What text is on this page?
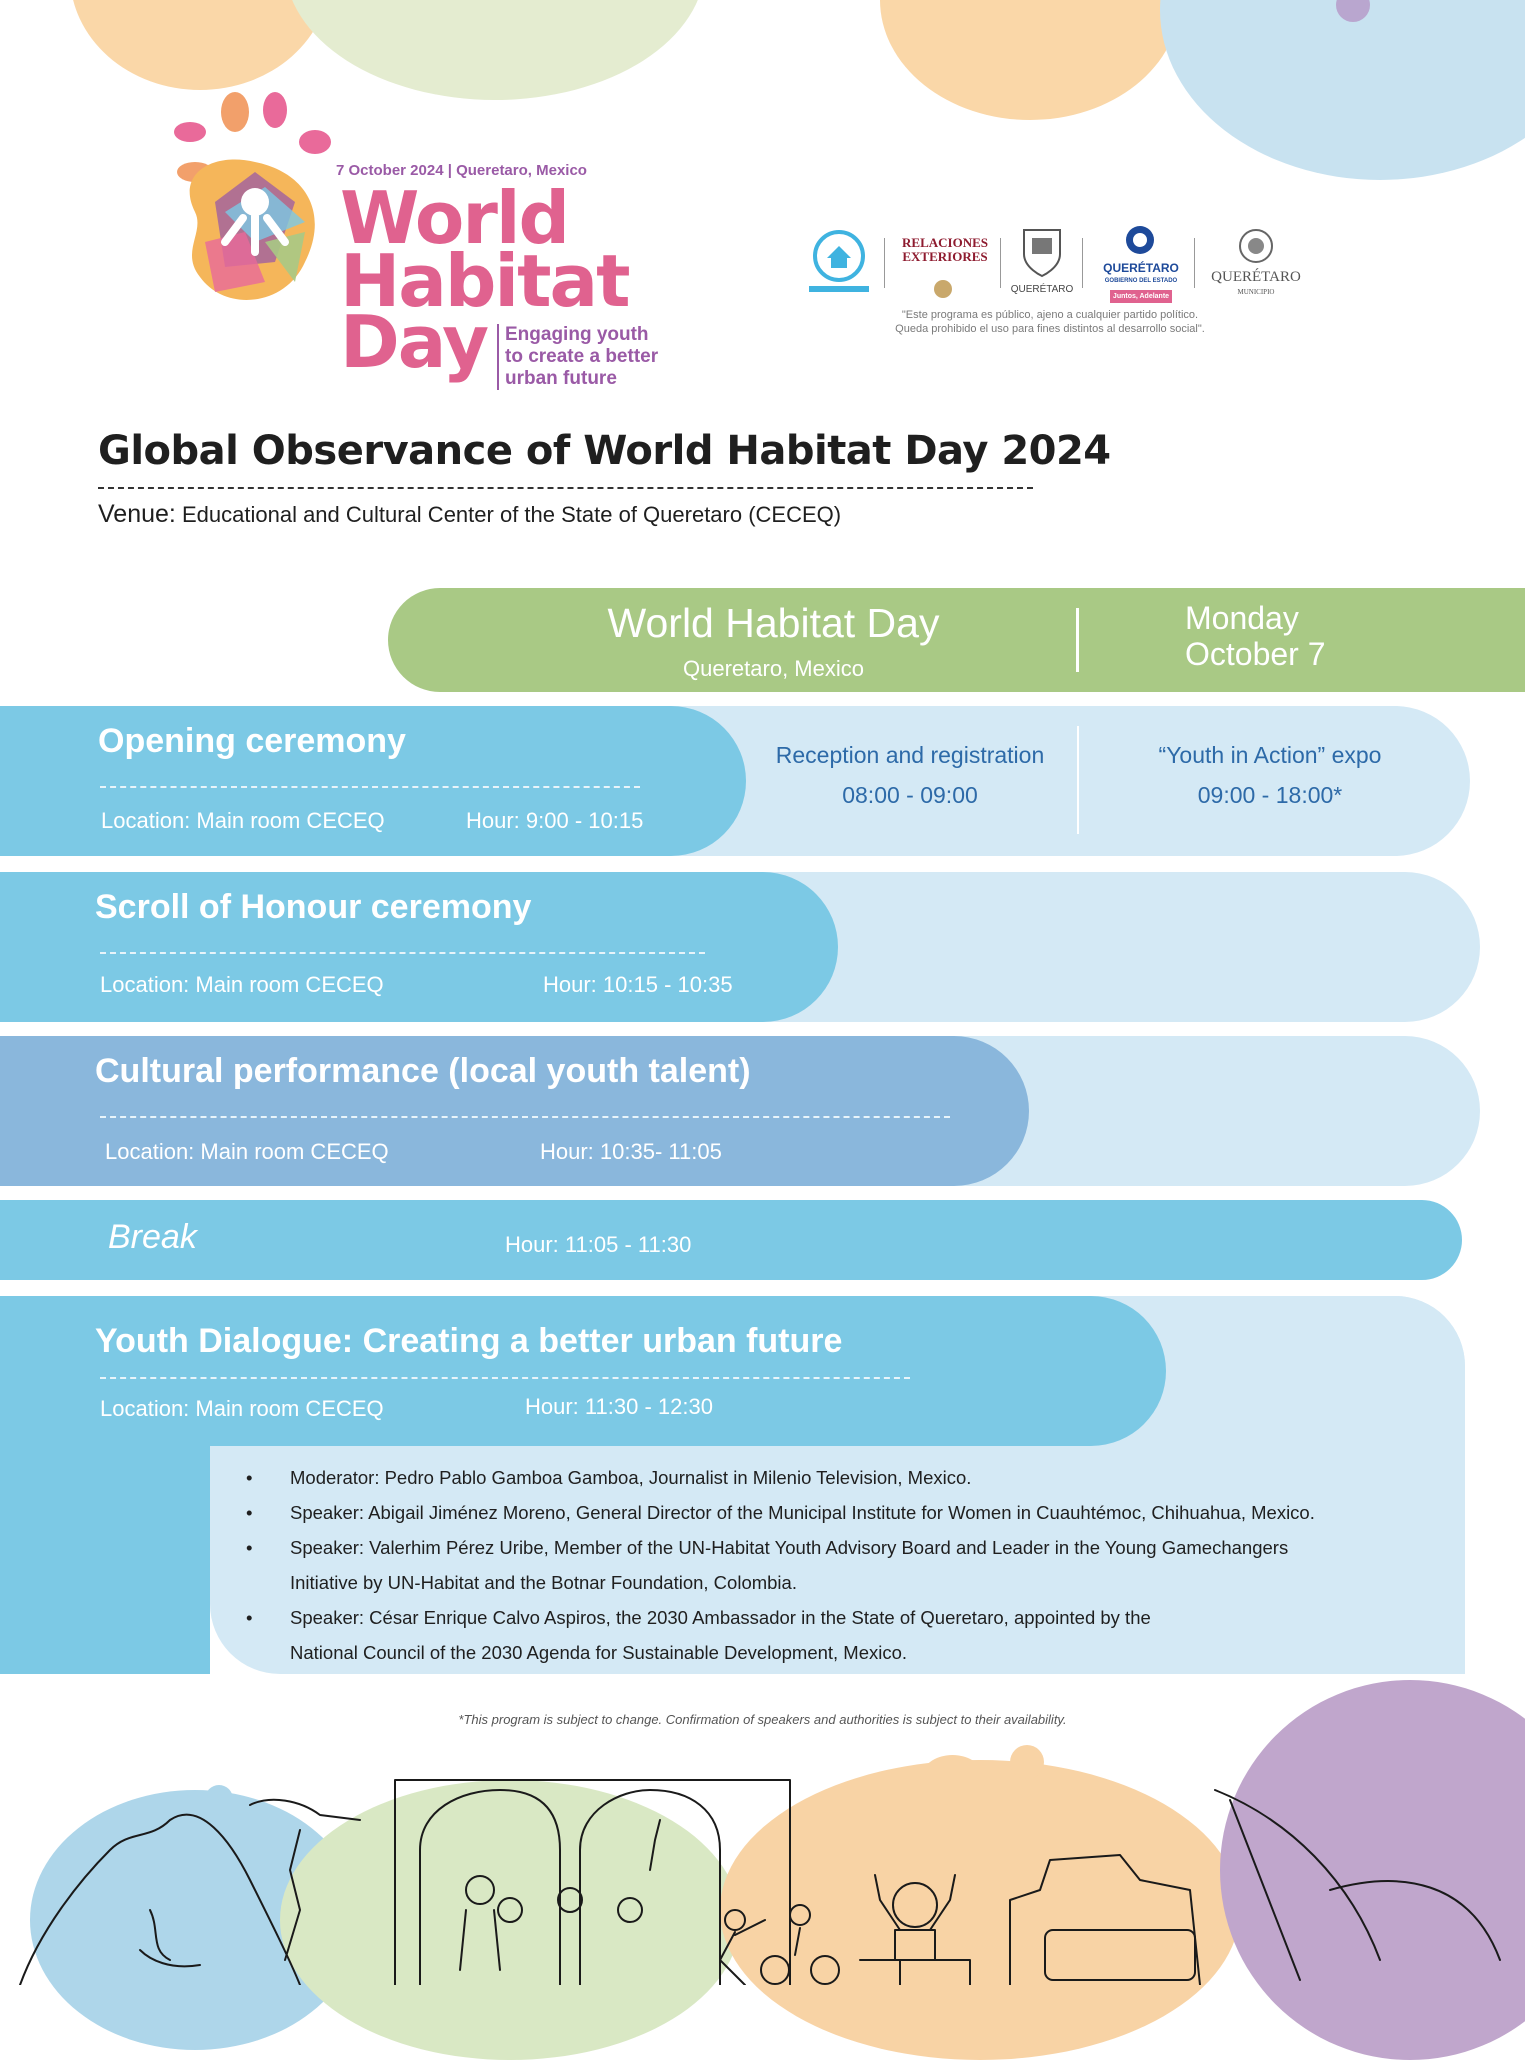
7 October 2024 | Queretaro, Mexico
World
Habitat
Day Engaging youth
to create a better
urban future
RELACIONES EXTERIORES
QUERÉTARO
QUERÉTARO
GOBIERNO DEL ESTADO
Juntos, Adelante
QUERÉTARO
MUNICIPIO
"Este programa es público, ajeno a cualquier partido político.
Queda prohibido el uso para fines distintos al desarrollo social".
Global Observance of World Habitat Day 2024
Venue: Educational and Cultural Center of the State of Queretaro (CECEQ)
World Habitat Day
Queretaro, Mexico
Monday
October 7
Opening ceremony
Location: Main room CECEQ	Hour: 9:00 - 10:15
Reception and registration
08:00 - 09:00
“Youth in Action” expo
09:00 - 18:00*
Scroll of Honour ceremony
Location: Main room CECEQ	Hour: 10:15 - 10:35
Cultural performance (local youth talent)
Location: Main room CECEQ	Hour: 10:35- 11:05
Break	Hour: 11:05 - 11:30
Youth Dialogue: Creating a better urban future
Location: Main room CECEQ	Hour: 11:30 - 12:30
• Moderator: Pedro Pablo Gamboa Gamboa, Journalist in Milenio Television, Mexico.
• Speaker: Abigail Jiménez Moreno, General Director of the Municipal Institute for Women in Cuauhtémoc, Chihuahua, Mexico.
• Speaker: Valerhim Pérez Uribe, Member of the UN-Habitat Youth Advisory Board and Leader in the Young Gamechangers
Initiative by UN-Habitat and the Botnar Foundation, Colombia.
• Speaker: César Enrique Calvo Aspiros, the 2030 Ambassador in the State of Queretaro, appointed by the
National Council of the 2030 Agenda for Sustainable Development, Mexico.
*This program is subject to change. Confirmation of speakers and authorities is subject to their availability.
